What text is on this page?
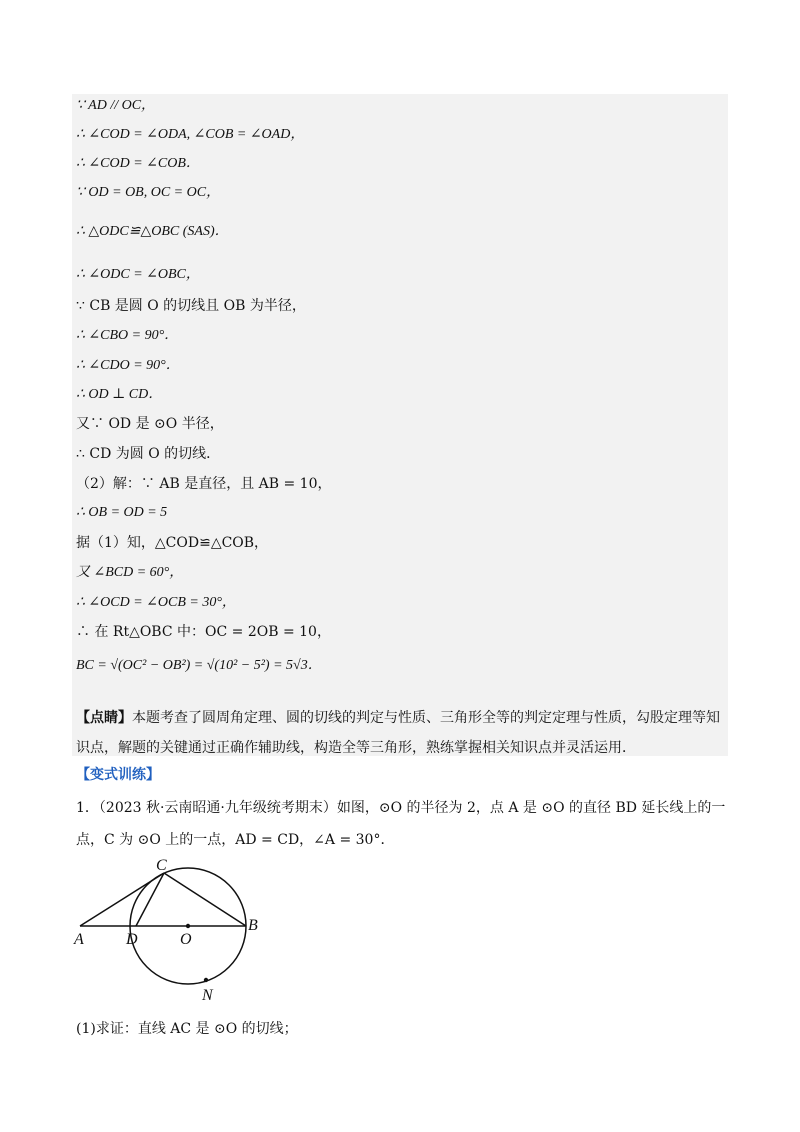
∵ AD // OC，
∴ ∠COD = ∠ODA, ∠COB = ∠OAD，
∴ ∠COD = ∠COB．
∵ OD = OB, OC = OC，
∴ △ODC≌△OBC (SAS)．
∴ ∠ODC = ∠OBC，
∵ CB 是圆 O 的切线且 OB 为半径，
∴ ∠CBO = 90°．
∴ ∠CDO = 90°．
∴ OD ⊥ CD．
又∵ OD 是 ⊙O 半径，
∴ CD 为圆 O 的切线．
（2）解：∵ AB 是直径，且 AB = 10，
∴ OB = OD = 5
据（1）知，△COD≌△COB，
又 ∠BCD = 60°，
∴ ∠OCD = ∠OCB = 30°，
∴ 在 Rt△OBC 中：OC = 2OB = 10，
BC = √(OC² − OB²) = √(10² − 5²) = 5√3．
【点睛】本题考查了圆周角定理、圆的切线的判定与性质、三角形全等的判定定理与性质，勾股定理等知识点，解题的关键通过正确作辅助线，构造全等三角形，熟练掌握相关知识点并灵活运用．
【变式训练】
1．（2023 秋·云南昭通·九年级统考期末）如图，⊙O 的半径为 2，点 A 是 ⊙O 的直径 BD 延长线上的一点，C 为 ⊙O 上的一点，AD = CD，∠A = 30°．
C
A	D	O
B
N
(1)求证：直线 AC 是 ⊙O 的切线；
